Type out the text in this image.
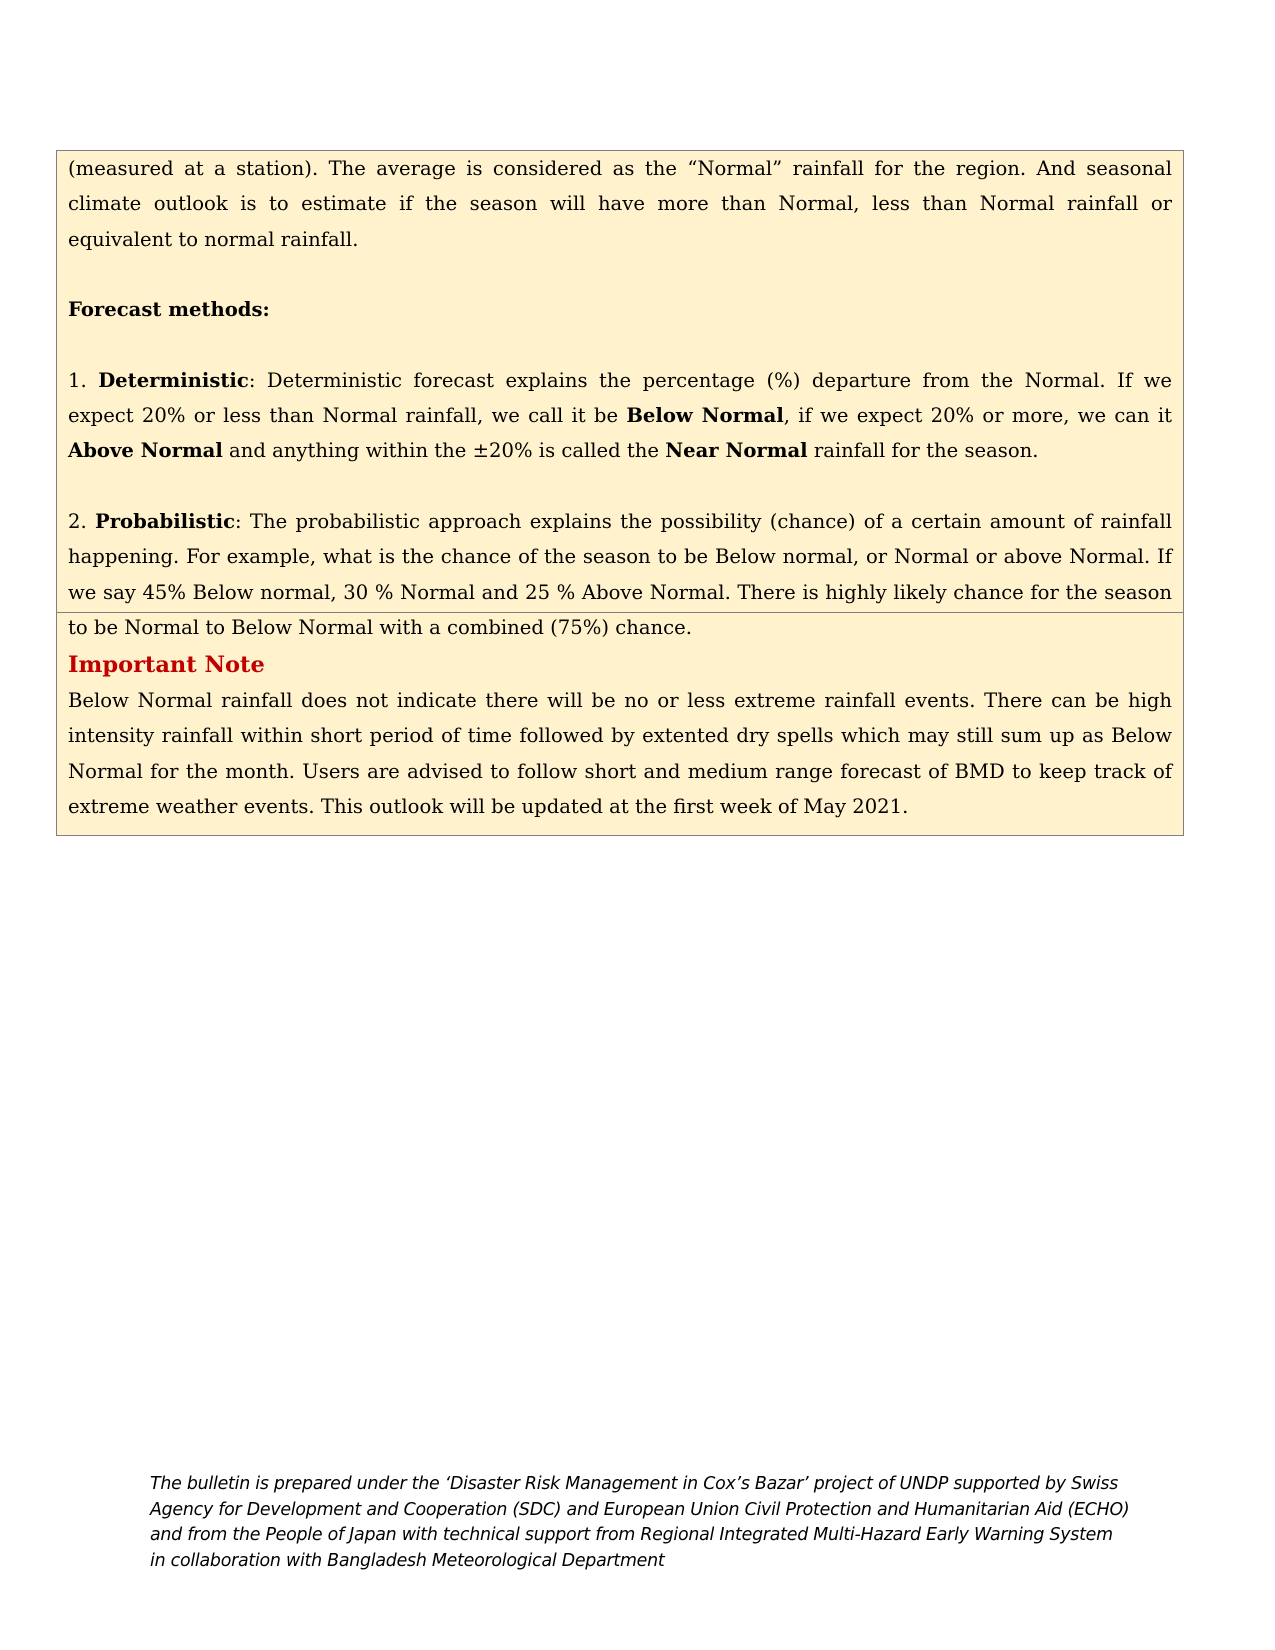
(measured at a station). The average is considered as the “Normal” rainfall for the region. And seasonal climate outlook is to estimate if the season will have more than Normal, less than Normal rainfall or equivalent to normal rainfall.

Forecast methods:

1. Deterministic: Deterministic forecast explains the percentage (%) departure from the Normal. If we expect 20% or less than Normal rainfall, we call it be Below Normal, if we expect 20% or more, we can it Above Normal and anything within the ±20% is called the Near Normal rainfall for the season.

2. Probabilistic: The probabilistic approach explains the possibility (chance) of a certain amount of rainfall happening. For example, what is the chance of the season to be Below normal, or Normal or above Normal. If we say 45% Below normal, 30 % Normal and 25 % Above Normal. There is highly likely chance for the season to be Normal to Below Normal with a combined (75%) chance.

Important Note

Below Normal rainfall does not indicate there will be no or less extreme rainfall events. There can be high intensity rainfall within short period of time followed by extented dry spells which may still sum up as Below Normal for the month. Users are advised to follow short and medium range forecast of BMD to keep track of extreme weather events. This outlook will be updated at the first week of May 2021.

The bulletin is prepared under the ‘Disaster Risk Management in Cox’s Bazar’ project of UNDP supported by Swiss
Agency for Development and Cooperation (SDC) and European Union Civil Protection and Humanitarian Aid (ECHO)
and from the People of Japan with technical support from Regional Integrated Multi-Hazard Early Warning System
in collaboration with Bangladesh Meteorological Department
